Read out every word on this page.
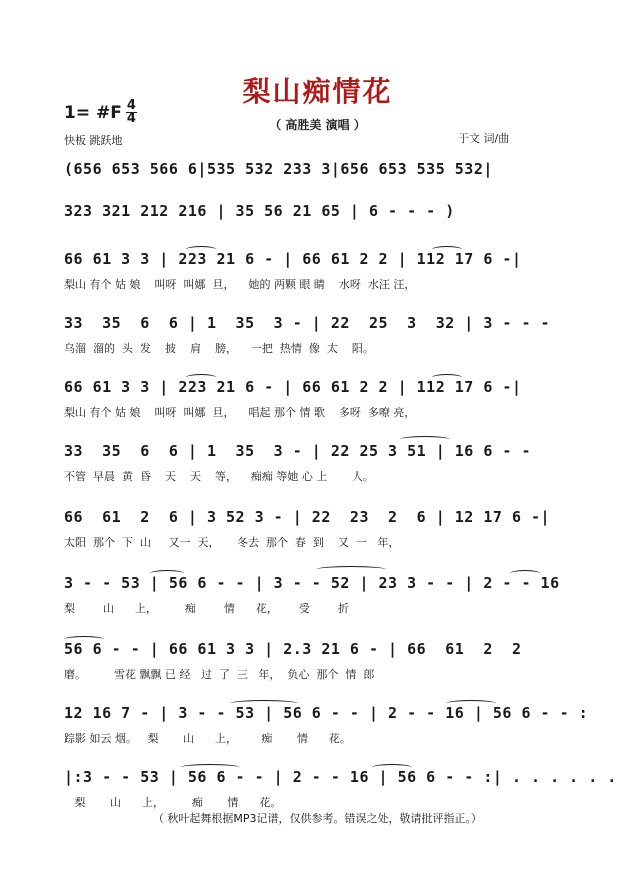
梨山痴情花
1= #F $\frac{4}{4}$	（ 高胜美 演唱 ）
快板 跳跃地	于文 词/曲
(656 653 566 6|535 532 233 3|656 653 535 532|
323 321 212 216 | 35 56 21 65 | 6 - - - )
66 61 3 3 | 223 21 6 - | 66 61 2 2 | 112 17 6 -|
梨山 有个 姑 娘    叫呀  叫娜  旦，    她的 两颗 眼 睛    水呀  水汪 汪，
33  35  6  6 | 1  35  3 - | 22  25  3  32 | 3 - - -
乌溜  溜的  头  发    披    肩    膀，    一把  热情  像  太    阳。
66 61 3 3 | 223 21 6 - | 66 61 2 2 | 112 17 6 -|
梨山 有个 姑 娘    叫呀  叫娜  旦，    唱起 那个 情 歌    多呀  多嘹 亮，
33  35  6  6 | 1  35  3 - | 22 25 3 51 | 16 6 - -
不管  早晨  黄  昏    天    天    等，    痴痴 等她 心 上       人。
66  61  2  6 | 3 52 3 - | 22  23  2  6 | 12 17 6 -|
太阳  那个  下  山     又一  天，     冬去  那个  春  到    又  一   年，
3 - - 53 | 56 6 - - | 3 - - 52 | 23 3 - - | 2 - - 16
梨        山      上，        痴        情      花，      受        折
56 6 - - | 66 61 3 3 | 2.3 21 6 - | 66  61  2  2
磨。        雪花 飘飘 已 经   过  了  三   年，  负心  那个  情  郎
12 16 7 - | 3 - - 53 | 56 6 - - | 2 - - 16 | 56 6 - - :
踪影 如云 烟。   梨       山      上，       痴       情      花。
|:3 - - 53 | 56 6 - - | 2 - - 16 | 56 6 - - :| . . . . . .
梨       山      上，        痴       情      花。
（ 秋叶起舞根据MP3记谱，仅供参考。错误之处，敬请批评指正。）
